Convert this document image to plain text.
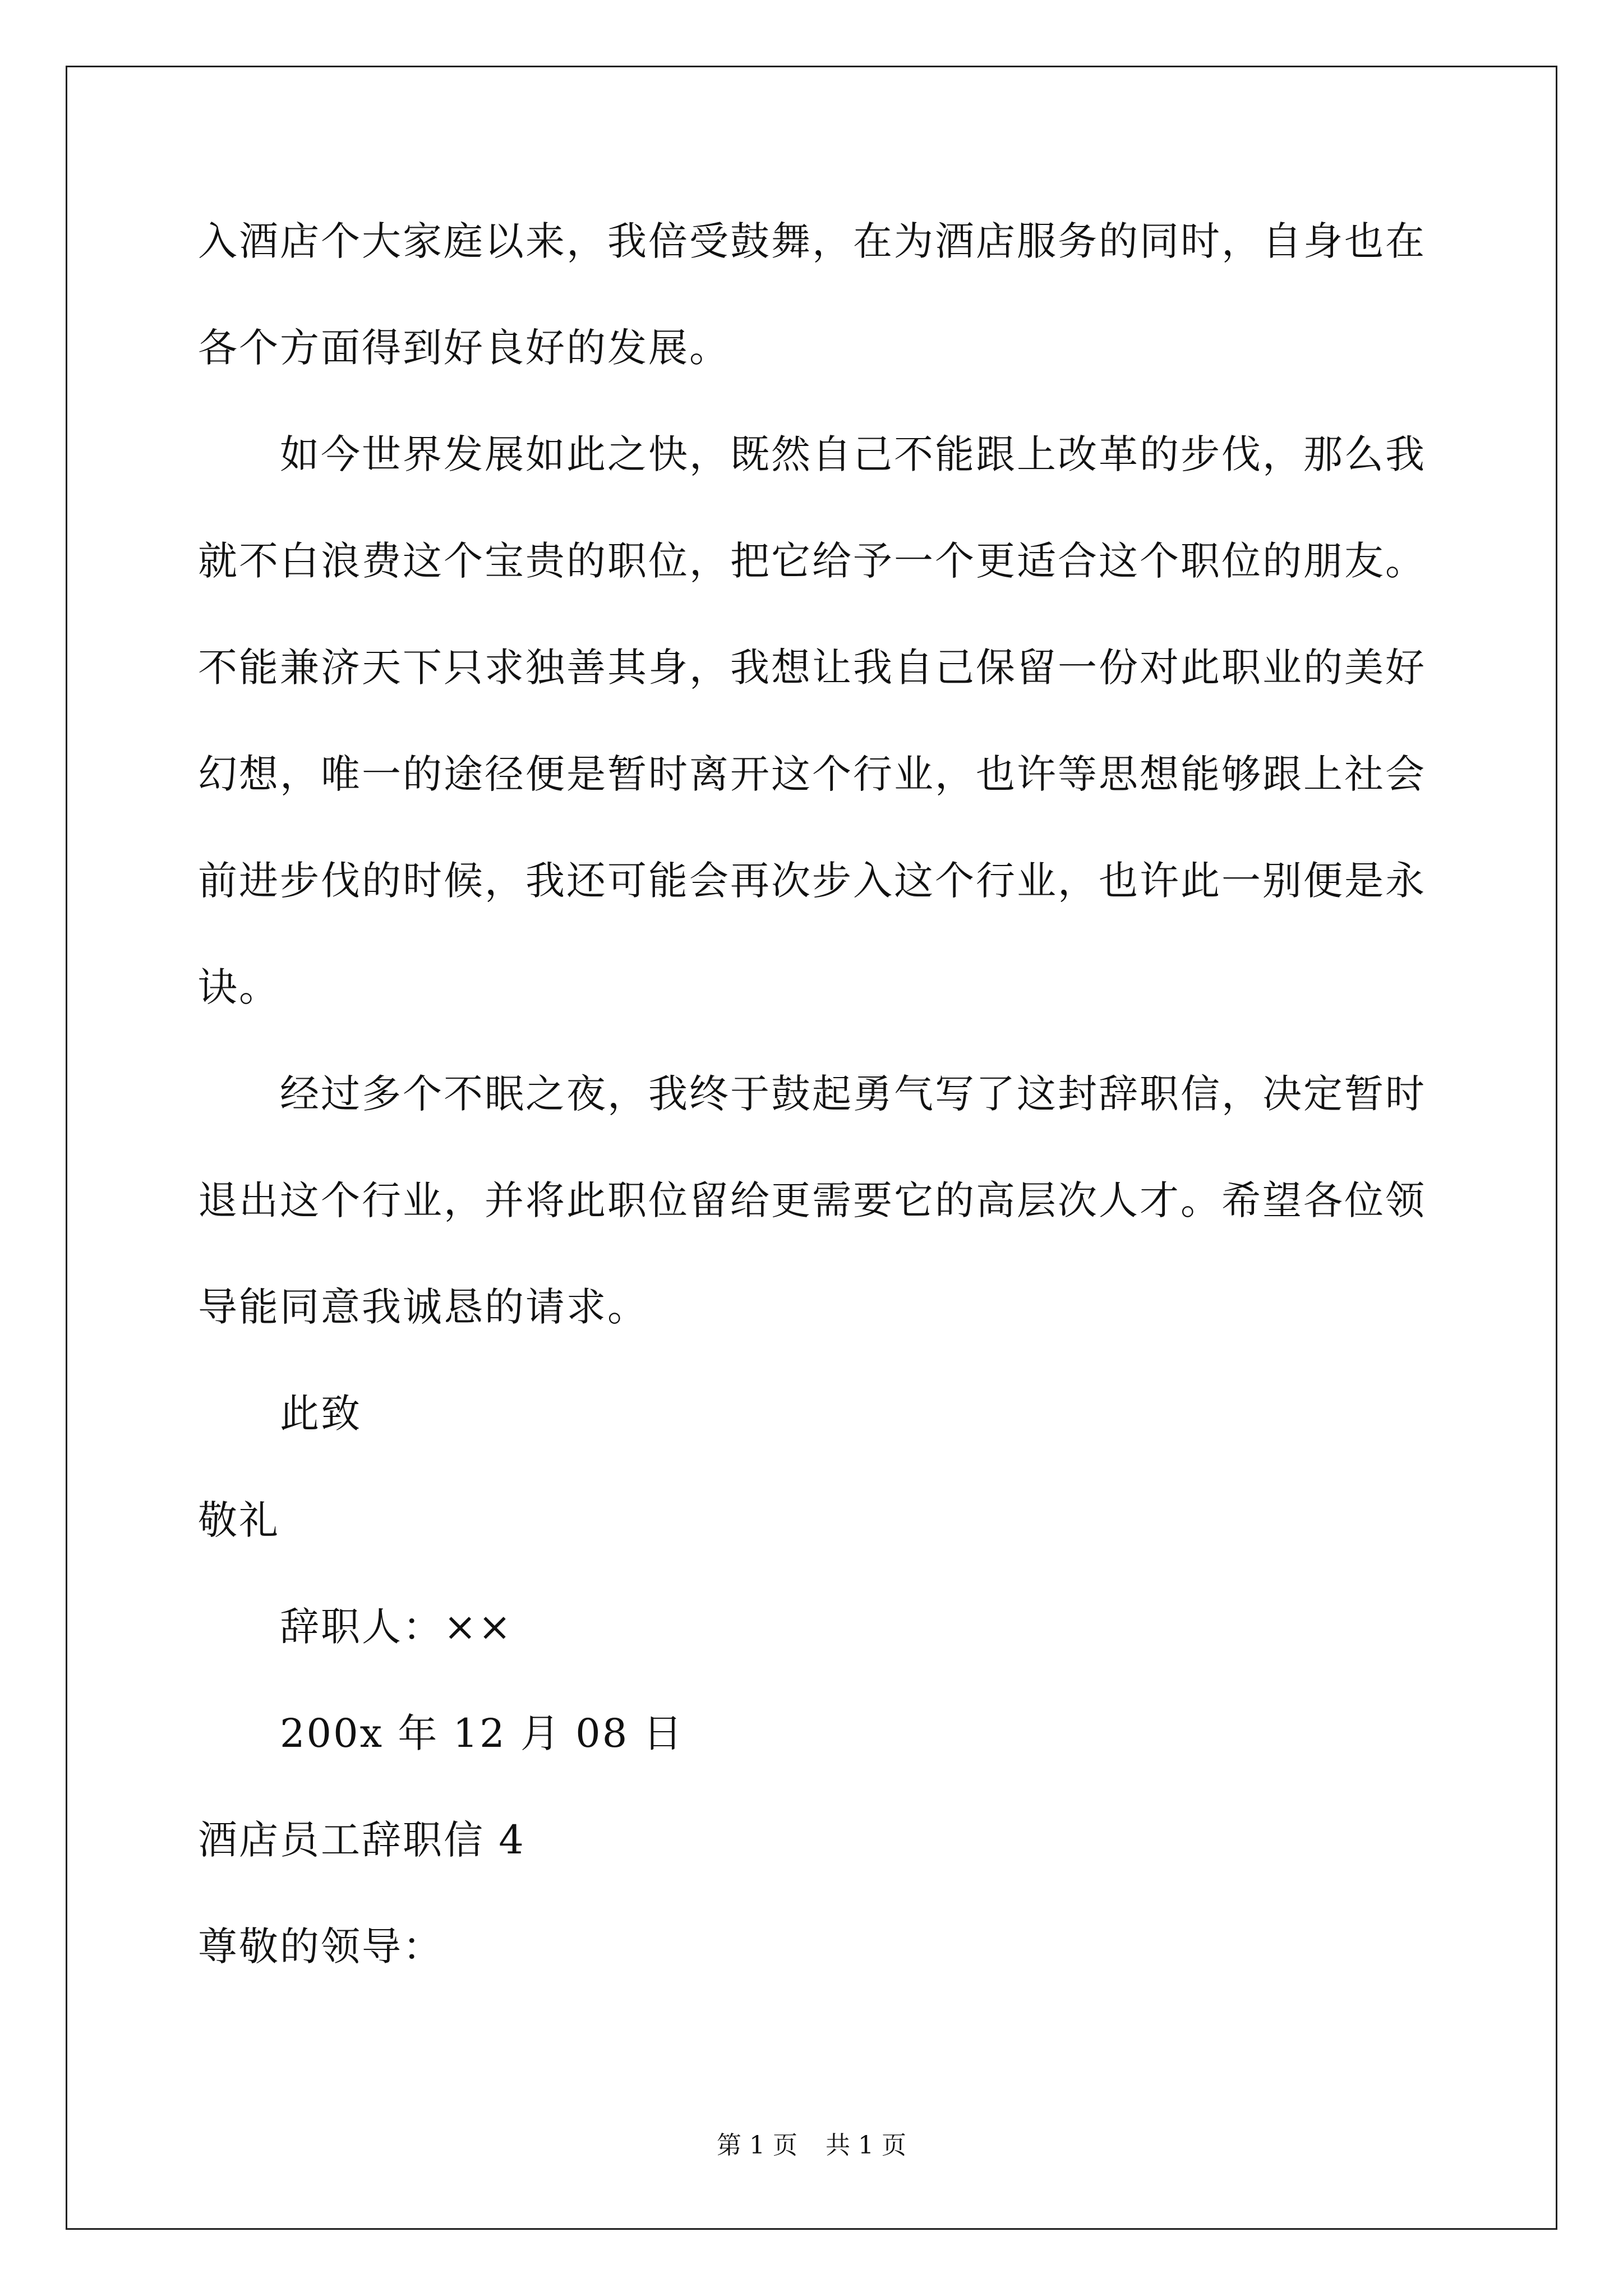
入酒店个大家庭以来，我倍受鼓舞，在为酒店服务的同时，自身也在
各个方面得到好良好的发展。
如今世界发展如此之快，既然自己不能跟上改革的步伐，那么我
就不白浪费这个宝贵的职位，把它给予一个更适合这个职位的朋友。
不能兼济天下只求独善其身，我想让我自己保留一份对此职业的美好
幻想，唯一的途径便是暂时离开这个行业，也许等思想能够跟上社会
前进步伐的时候，我还可能会再次步入这个行业，也许此一别便是永
诀。
经过多个不眠之夜，我终于鼓起勇气写了这封辞职信，决定暂时
退出这个行业，并将此职位留给更需要它的高层次人才。希望各位领
导能同意我诚恳的请求。
此致
敬礼
辞职人：××
200x 年 12 月 08 日
酒店员工辞职信 4
尊敬的领导：
第 1 页 共 1 页
